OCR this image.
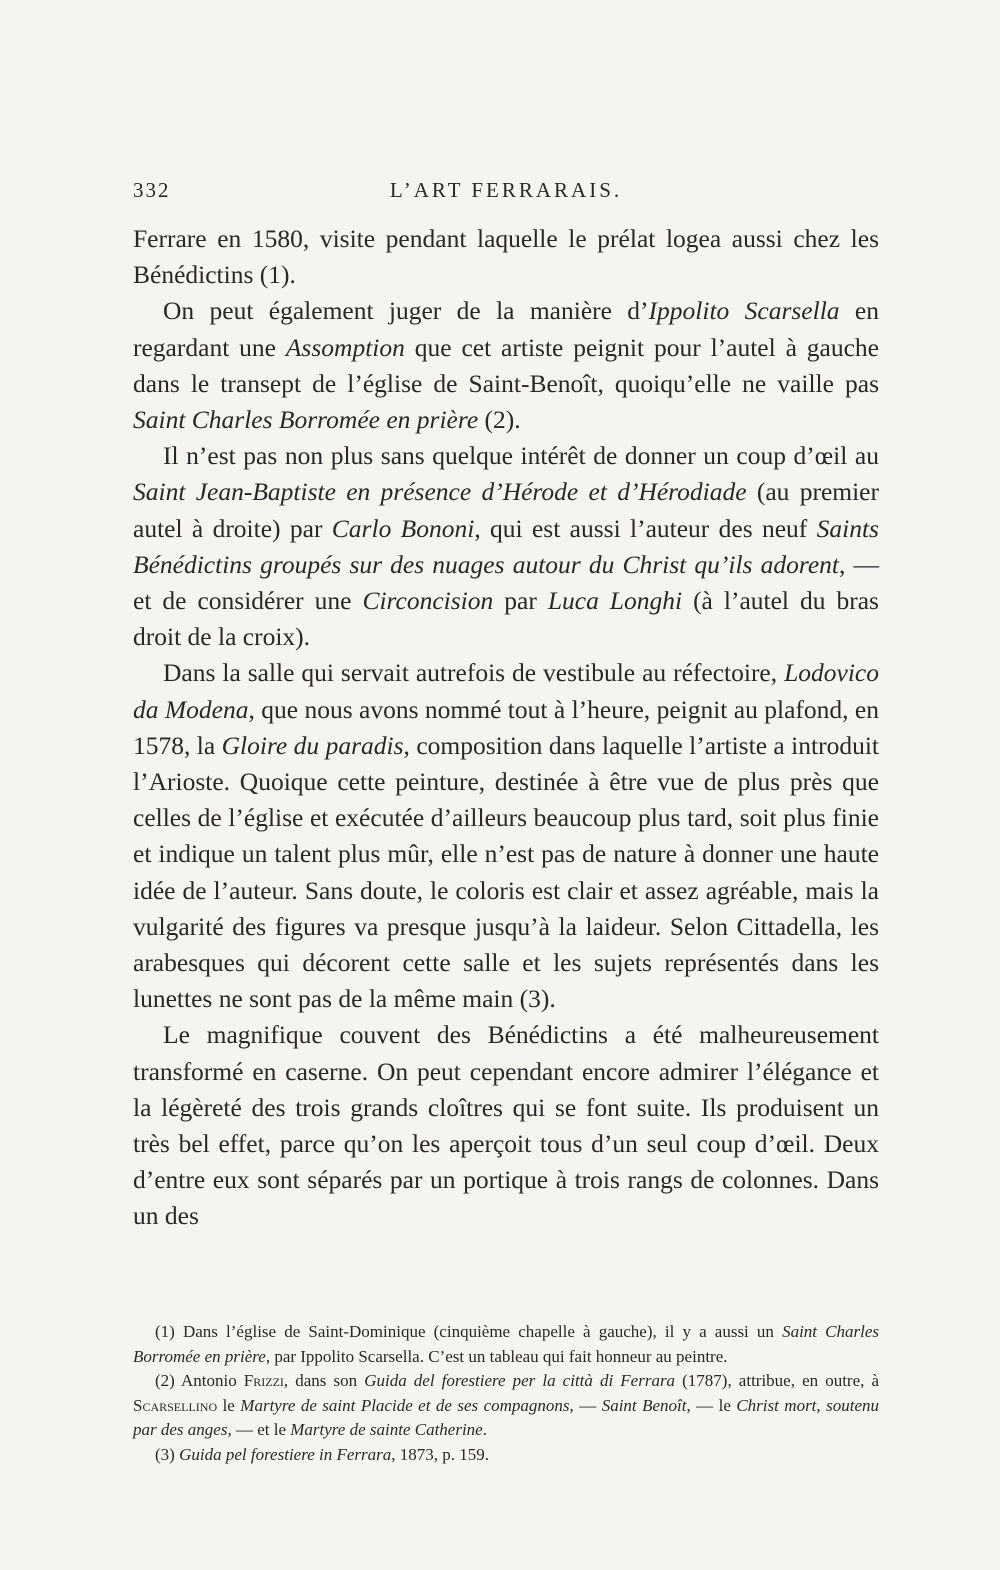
332	L’ART FERRARAIS.

Ferrare en 1580, visite pendant laquelle le prélat logea aussi chez les Bénédictins (1).

On peut également juger de la manière d’Ippolito Scarsella en regardant une Assomption que cet artiste peignit pour l’autel à gauche dans le transept de l’église de Saint-Benoît, quoiqu’elle ne vaille pas Saint Charles Borromée en prière (2).

Il n’est pas non plus sans quelque intérêt de donner un coup d’œil au Saint Jean-Baptiste en présence d’Hérode et d’Hérodiade (au premier autel à droite) par Carlo Bononi, qui est aussi l’auteur des neuf Saints Bénédictins groupés sur des nuages autour du Christ qu’ils adorent, — et de considérer une Circoncision par Luca Longhi (à l’autel du bras droit de la croix).

Dans la salle qui servait autrefois de vestibule au réfectoire, Lodovico da Modena, que nous avons nommé tout à l’heure, peignit au plafond, en 1578, la Gloire du paradis, composition dans laquelle l’artiste a introduit l’Arioste. Quoique cette peinture, destinée à être vue de plus près que celles de l’église et exécutée d’ailleurs beaucoup plus tard, soit plus finie et indique un talent plus mûr, elle n’est pas de nature à donner une haute idée de l’auteur. Sans doute, le coloris est clair et assez agréable, mais la vulgarité des figures va presque jusqu’à la laideur. Selon Cittadella, les arabesques qui décorent cette salle et les sujets représentés dans les lunettes ne sont pas de la même main (3).

Le magnifique couvent des Bénédictins a été malheureusement transformé en caserne. On peut cependant encore admirer l’élégance et la légèreté des trois grands cloîtres qui se font suite. Ils produisent un très bel effet, parce qu’on les aperçoit tous d’un seul coup d’œil. Deux d’entre eux sont séparés par un portique à trois rangs de colonnes. Dans un des

(1) Dans l’église de Saint-Dominique (cinquième chapelle à gauche), il y a aussi un Saint Charles Borromée en prière, par Ippolito Scarsella. C’est un tableau qui fait honneur au peintre.

(2) Antonio Frizzi, dans son Guida del forestiere per la città di Ferrara (1787), attribue, en outre, à Scarsellino le Martyre de saint Placide et de ses compagnons, — Saint Benoît, — le Christ mort, soutenu par des anges, — et le Martyre de sainte Catherine.

(3) Guida pel forestiere in Ferrara, 1873, p. 159.
